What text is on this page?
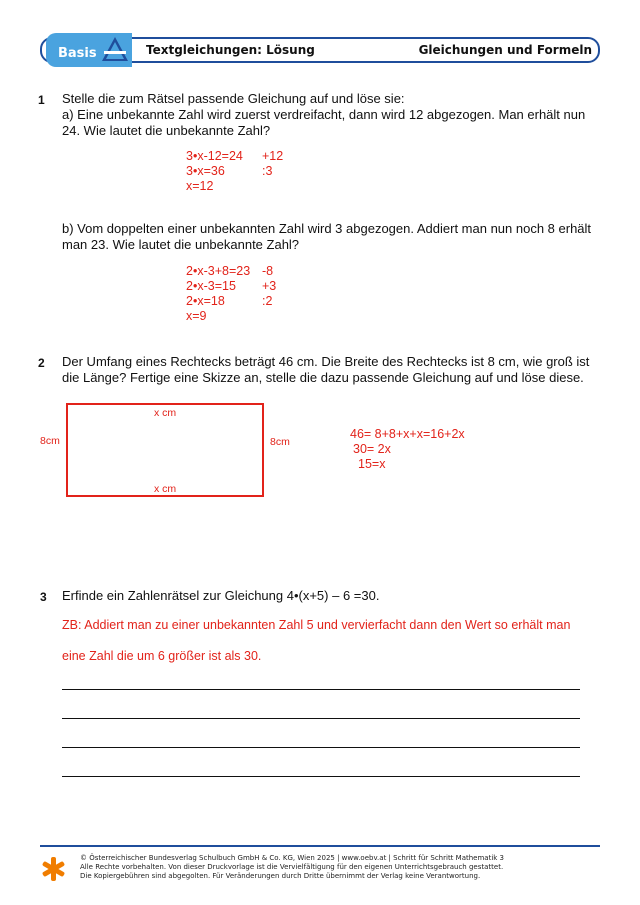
Basis	Textgleichungen: Lösung	Gleichungen und Formeln
1 Stelle die zum Rätsel passende Gleichung auf und löse sie:
a) Eine unbekannte Zahl wird zuerst verdreifacht, dann wird 12 abgezogen. Man erhält nun
24. Wie lautet die unbekannte Zahl?
3•x-12=24 +12
3•x=36	:3
x=12
b) Vom doppelten einer unbekannten Zahl wird 3 abgezogen. Addiert man nun noch 8 erhält
man 23. Wie lautet die unbekannte Zahl?
2•x-3+8=23 -8
2•x-3=15 +3
2•x=18	:2
x=9
2 Der Umfang eines Rechtecks beträgt 46 cm. Die Breite des Rechtecks ist 8 cm, wie groß ist
die Länge? Fertige eine Skizze an, stelle die dazu passende Gleichung auf und löse diese.
x cm
x cm
8cm	8cm
46= 8+8+x+x=16+2x
30= 2x
15=x
3 Erfinde ein Zahlenrätsel zur Gleichung 4•(x+5) – 6 =30.
ZB: Addiert man zu einer unbekannten Zahl 5 und vervierfacht dann den Wert so erhält man
eine Zahl die um 6 größer ist als 30.
© Österreichischer Bundesverlag Schulbuch GmbH & Co. KG, Wien 2025 | www.oebv.at | Schritt für Schritt Mathematik 3
Alle Rechte vorbehalten. Von dieser Druckvorlage ist die Vervielfältigung für den eigenen Unterrichtsgebrauch gestattet.
Die Kopiergebühren sind abgegolten. Für Veränderungen durch Dritte übernimmt der Verlag keine Verantwortung.
